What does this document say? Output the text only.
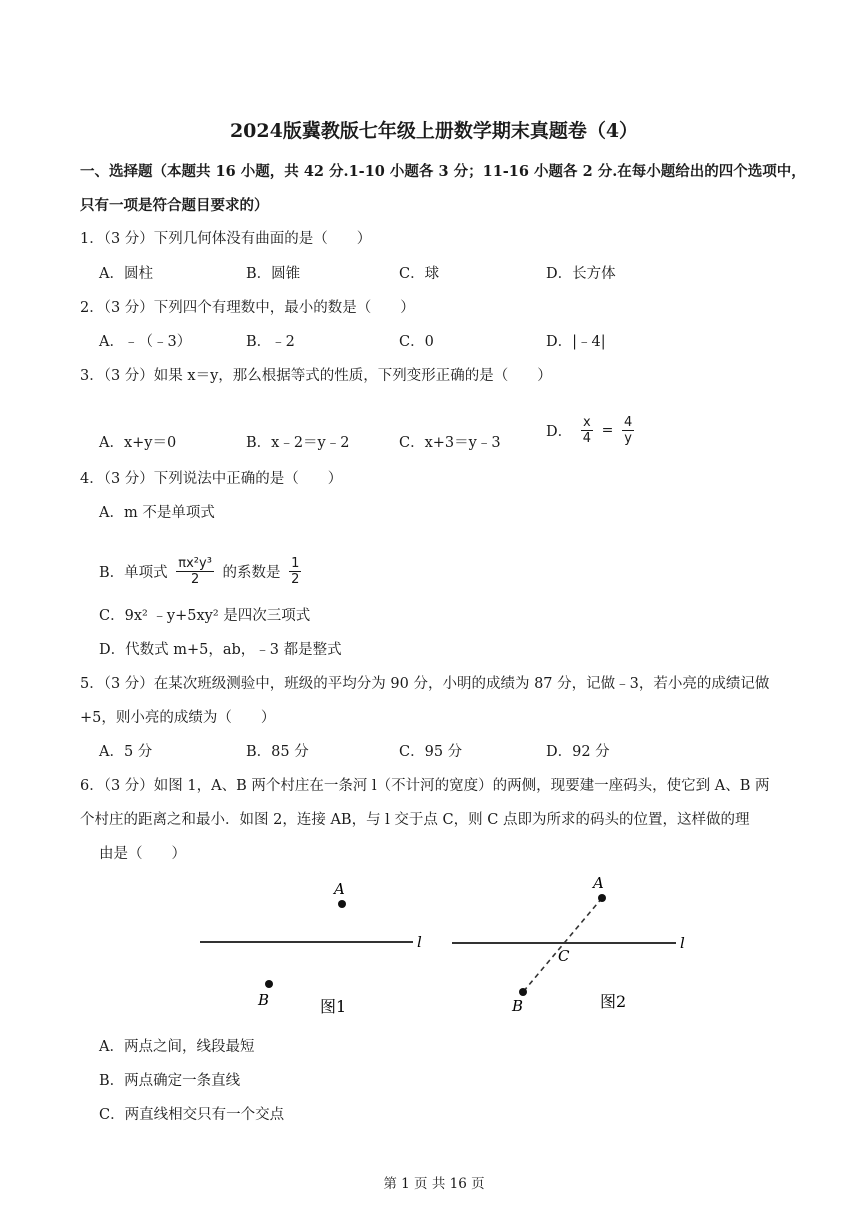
2024版冀教版七年级上册数学期末真题卷（4）
一、选择题（本题共 16 小题，共 42 分.1-10 小题各 3 分；11-16 小题各 2 分.在每小题给出的四个选项中，
只有一项是符合题目要求的）
1．（3 分）下列几何体没有曲面的是（　　）
A．圆柱	B．圆锥	C．球	D．长方体
2．（3 分）下列四个有理数中，最小的数是（　　）
A．﹣（﹣3）	B．﹣2	C．0	D．|﹣4|
3．（3 分）如果 x＝y，那么根据等式的性质，下列变形正确的是（　　）
A．x+y＝0	B．x﹣2＝y﹣2	C．x+3＝y﹣3
D． $\frac{x}{4} = \frac{4}{y}$
4．（3 分）下列说法中正确的是（　　）
A．m 不是单项式
B．单项式 $\frac{\text{πx²y³}}{2}$ 的系数是 $\frac{1}{2}$
C．9x² ﹣y+5xy² 是四次三项式
D．代数式 m+5，ab，﹣3 都是整式
5．（3 分）在某次班级测验中，班级的平均分为 90 分，小明的成绩为 87 分，记做﹣3，若小亮的成绩记做
+5，则小亮的成绩为（　　）
A．5 分	B．85 分	C．95 分	D．92 分
6．（3 分）如图 1，A、B 两个村庄在一条河 l（不计河的宽度）的两侧，现要建一座码头，使它到 A、B 两
个村庄的距离之和最小．如图 2，连接 AB，与 l 交于点 C，则 C 点即为所求的码头的位置，这样做的理
由是（　　）
l
A
B	图1
l
A
B
C
图2
A．两点之间，线段最短
B．两点确定一条直线
C．两直线相交只有一个交点
第 1 页 共 16 页
